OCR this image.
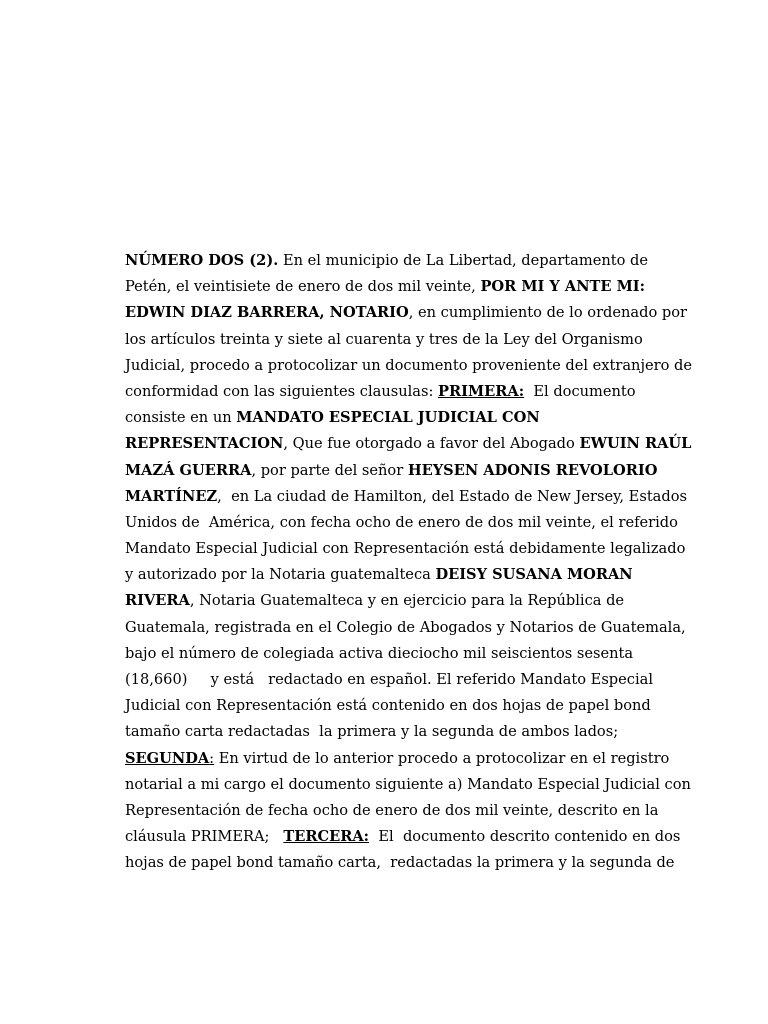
NÚMERO DOS (2). En el municipio de La Libertad, departamento de
Petén, el veintisiete de enero de dos mil veinte, POR MI Y ANTE MI:
EDWIN DIAZ BARRERA, NOTARIO, en cumplimiento de lo ordenado por
los artículos treinta y siete al cuarenta y tres de la Ley del Organismo
Judicial, procedo a protocolizar un documento proveniente del extranjero de
conformidad con las siguientes clausulas: PRIMERA:  El documento
consiste en un MANDATO ESPECIAL JUDICIAL CON
REPRESENTACION, Que fue otorgado a favor del Abogado EWUIN RAÚL
MAZÁ GUERRA, por parte del señor HEYSEN ADONIS REVOLORIO
MARTÍNEZ,  en La ciudad de Hamilton, del Estado de New Jersey, Estados
Unidos de  América, con fecha ocho de enero de dos mil veinte, el referido
Mandato Especial Judicial con Representación está debidamente legalizado
y autorizado por la Notaria guatemalteca DEISY SUSANA MORAN
RIVERA, Notaria Guatemalteca y en ejercicio para la República de
Guatemala, registrada en el Colegio de Abogados y Notarios de Guatemala,
bajo el número de colegiada activa dieciocho mil seiscientos sesenta
(18,660)     y está   redactado en español. El referido Mandato Especial
Judicial con Representación está contenido en dos hojas de papel bond
tamaño carta redactadas  la primera y la segunda de ambos lados;
SEGUNDA: En virtud de lo anterior procedo a protocolizar en el registro
notarial a mi cargo el documento siguiente a) Mandato Especial Judicial con
Representación de fecha ocho de enero de dos mil veinte, descrito en la
cláusula PRIMERA;   TERCERA:  El  documento descrito contenido en dos
hojas de papel bond tamaño carta,  redactadas la primera y la segunda de
